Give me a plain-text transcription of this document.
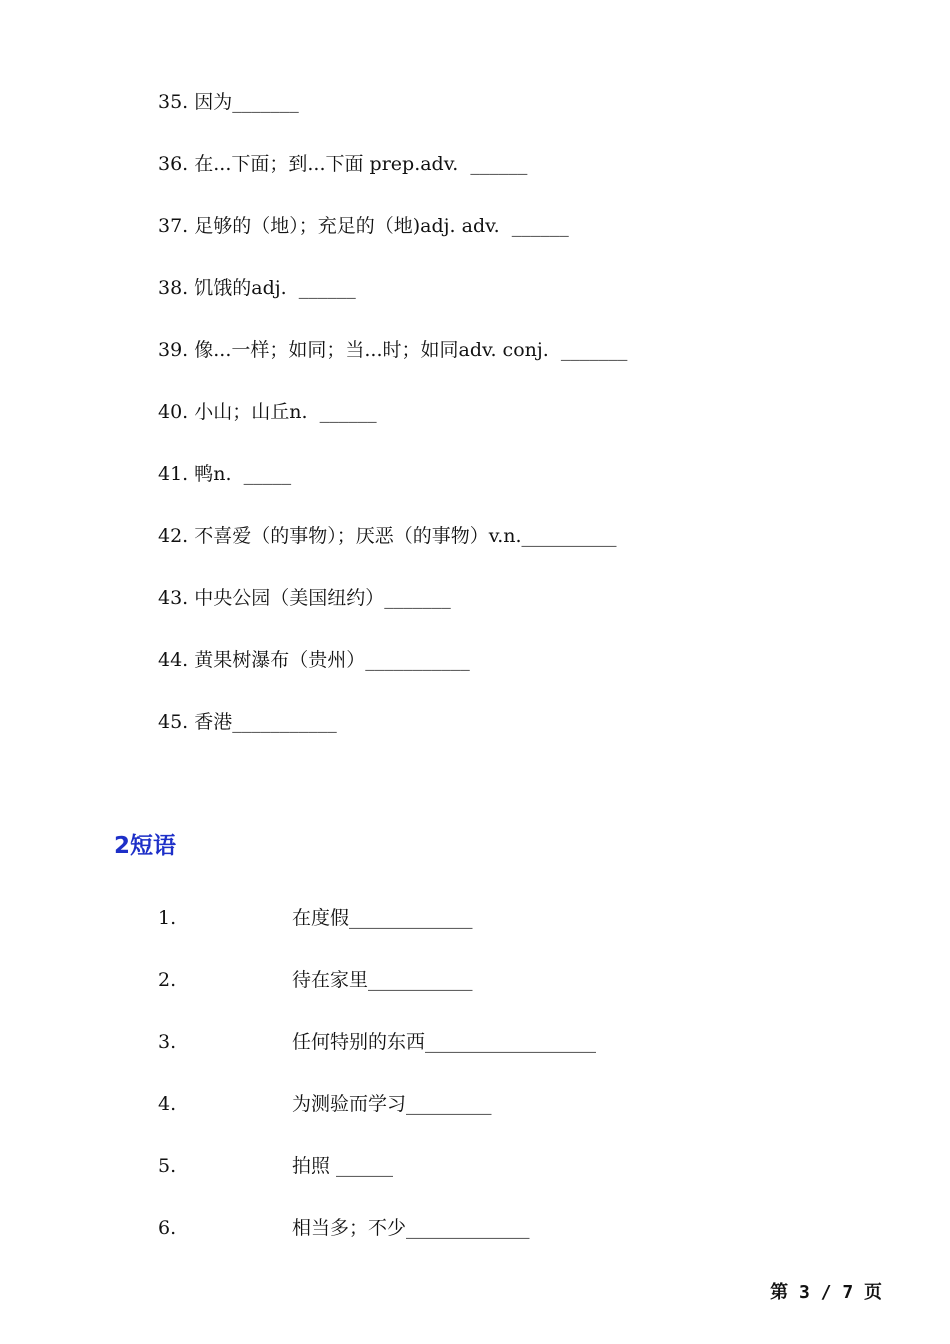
35. 因为_______
36. 在...下面；到...下面 prep.adv.  ______
37. 足够的（地）；充足的（地)adj. adv.  ______
38. 饥饿的adj.  ______
39. 像...一样；如同；当...时；如同adv. conj.  _______
40. 小山；山丘n.  ______
41. 鸭n.  _____
42. 不喜爱（的事物）；厌恶（的事物）v.n.__________
43. 中央公园（美国纽约）_______
44. 黄果树瀑布（贵州）___________
45. 香港___________
2短语
1.	在度假_____________
2.	待在家里___________
3.	任何特别的东西__________________
4.	为测验而学习_________
5.	拍照 ______
6.	相当多；不少_____________
第 3 / 7 页
